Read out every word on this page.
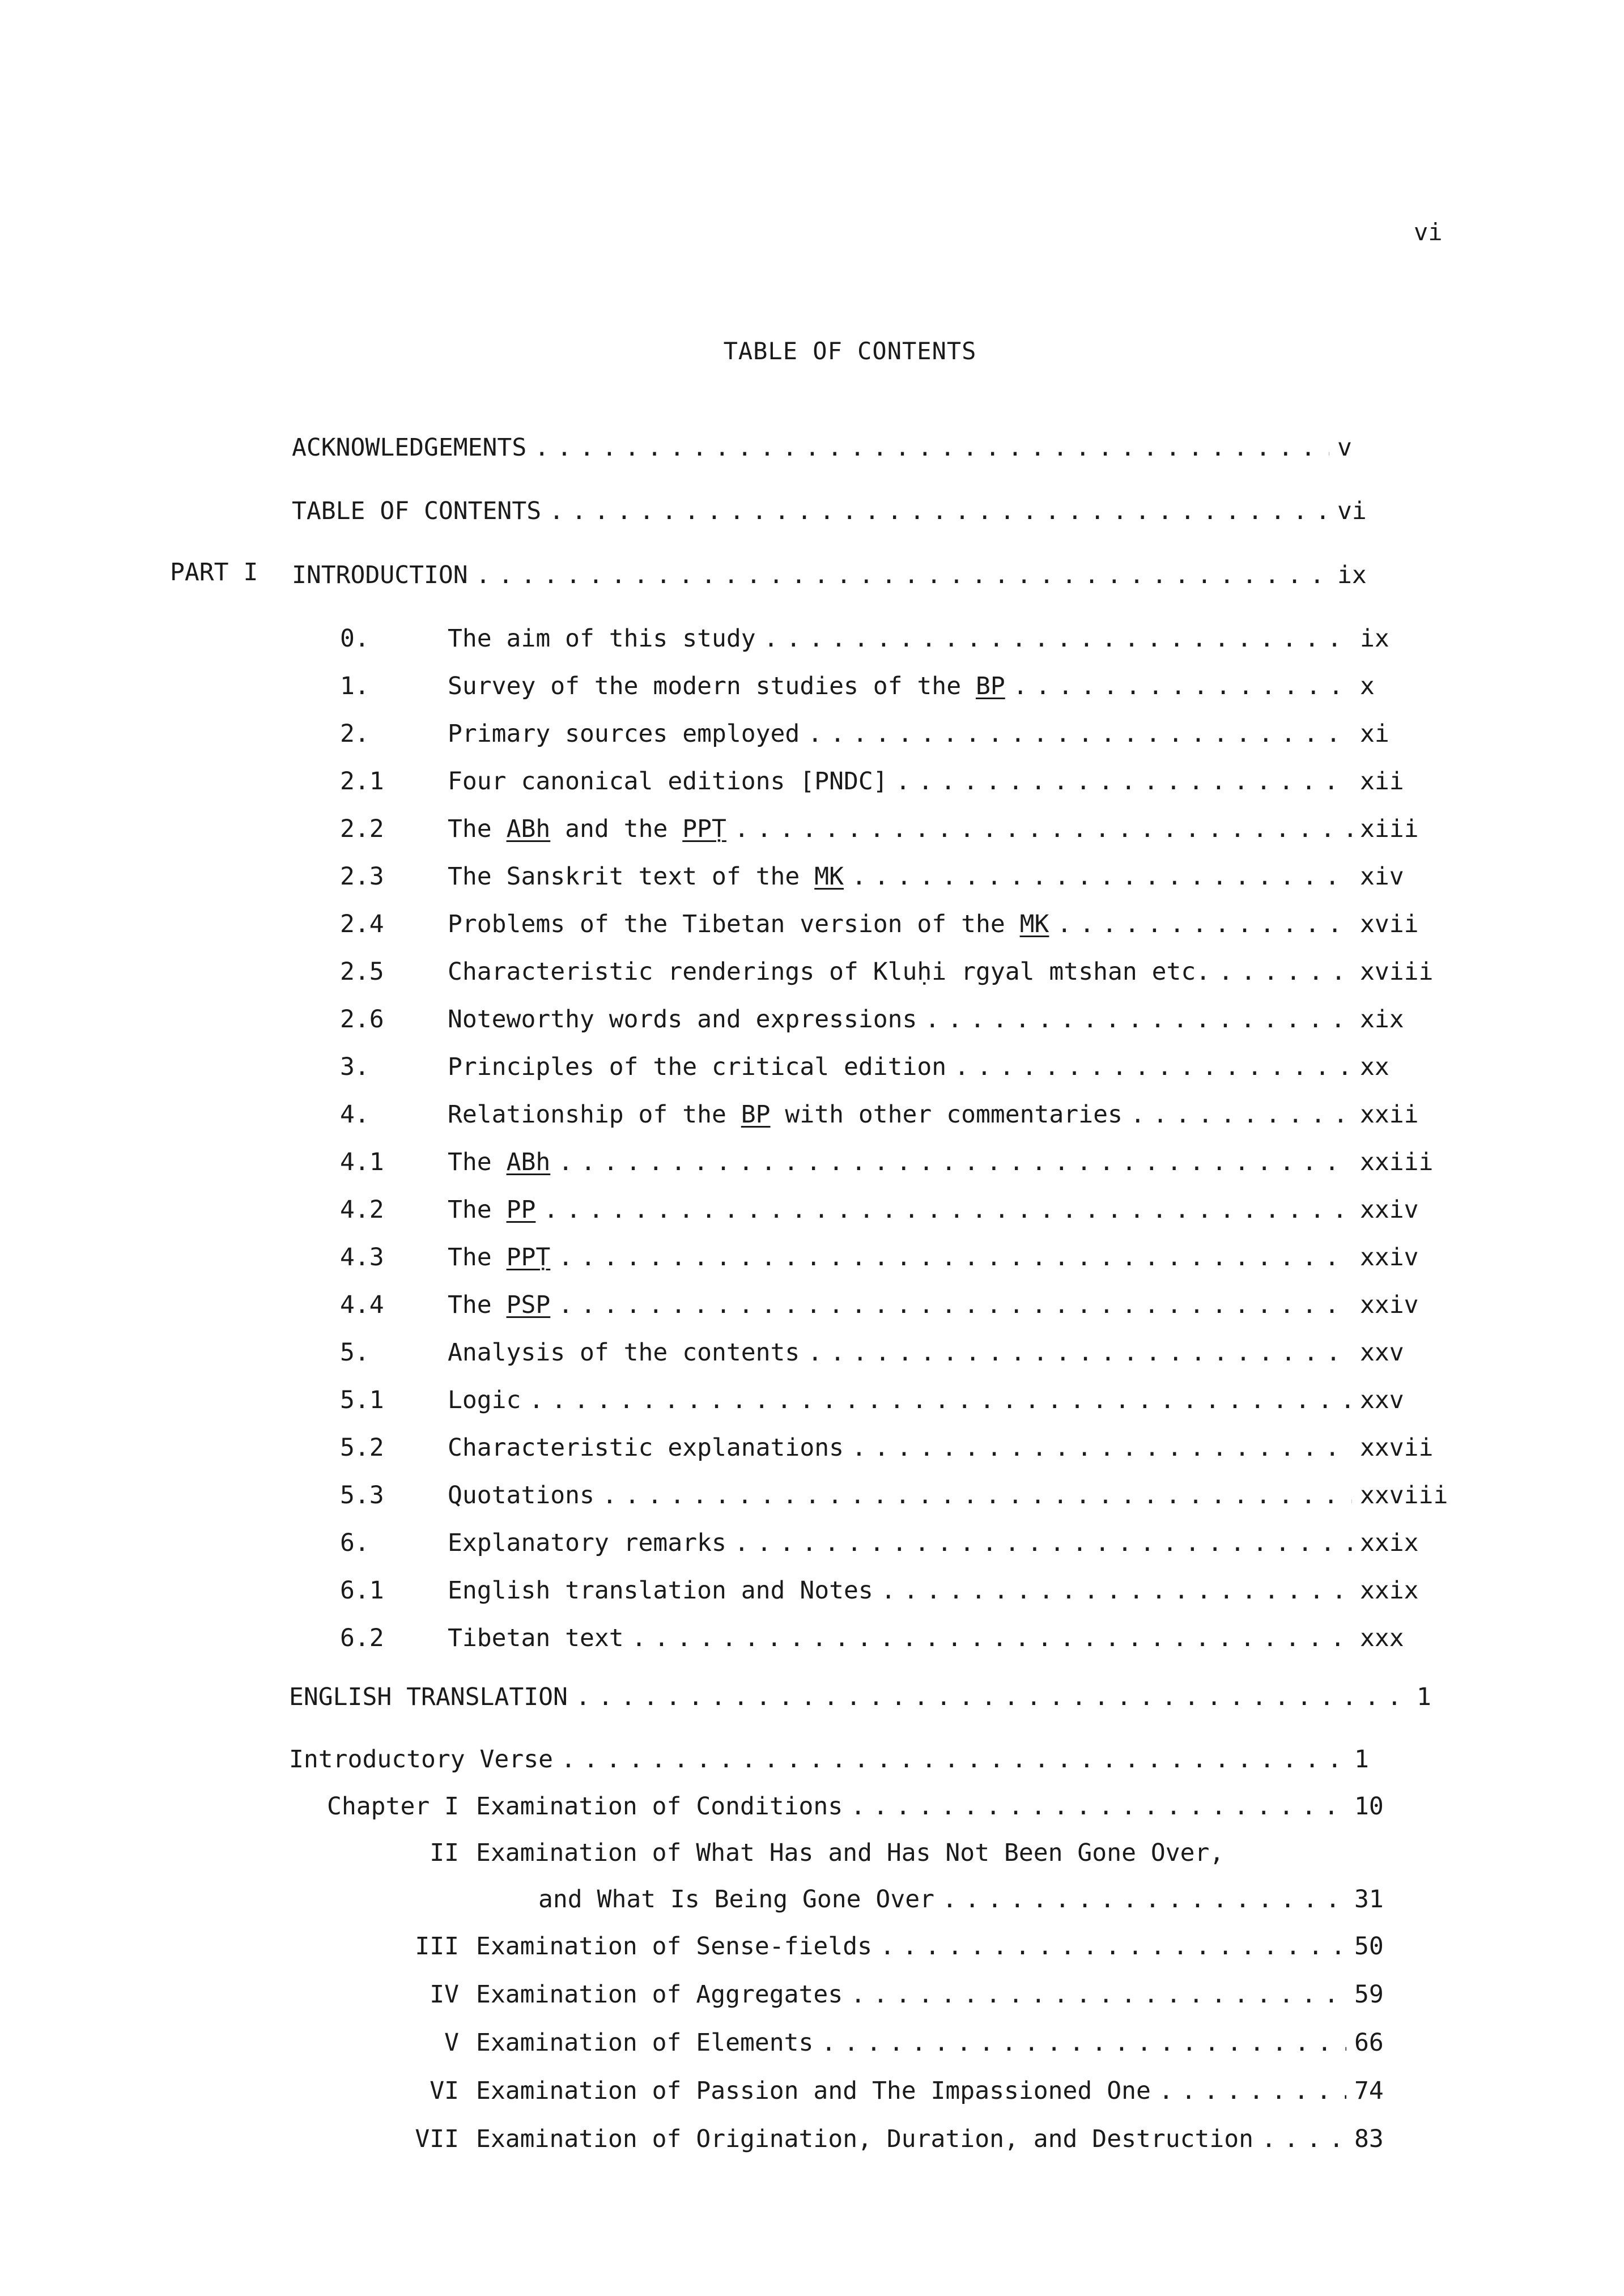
vi
TABLE OF CONTENTS
ACKNOWLEDGEMENTS . . .	v
TABLE OF CONTENTS . . .	vi
PART I INTRODUCTION . . .	ix
0.	The aim of this study . . .	ix
1.	Survey of the modern studies of the BP . . .	x
2.	Primary sources employed . . .	xi
2.1	Four canonical editions [PNDC] . . .	xii
2.2	The ABh and the PPṬ . . .	xiii
2.3	The Sanskrit text of the MK . . .	xiv
2.4	Problems of the Tibetan version of the MK . . .	xvii
2.5	Characteristic renderings of Kluḥi rgyal mtshan etc. . . .	xviii
2.6	Noteworthy words and expressions . . .	xix
3.	Principles of the critical edition . . .	xx
4.	Relationship of the BP with other commentaries . . .	xxii
4.1	The ABh . . .	xxiii
4.2	The PP . . .	xxiv
4.3	The PPṬ . . .	xxiv
4.4	The PSP . . .	xxiv
5.	Analysis of the contents . . .	xxv
5.1	Logic . . .	xxv
5.2	Characteristic explanations . . .	xxvii
5.3	Quotations . . .	xxviii
6.	Explanatory remarks . . .	xxix
6.1	English translation and Notes . . .	xxix
6.2	Tibetan text . . .	xxx
ENGLISH TRANSLATION . . .	1
Introductory Verse . . .	1
Chapter I Examination of Conditions . . .	10
II Examination of What Has and Has Not Been Gone Over,
and What Is Being Gone Over . . .	31
III Examination of Sense-fields . . .	50
IV Examination of Aggregates . . .	59
V Examination of Elements . . .	66
VI Examination of Passion and The Impassioned One . . .	74
VII Examination of Origination, Duration, and Destruction . . .	83
